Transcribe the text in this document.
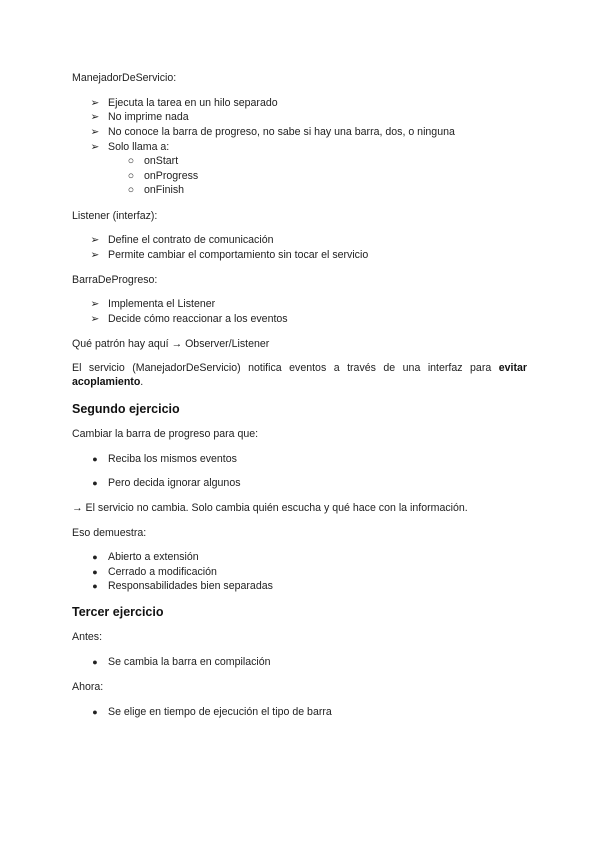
ManejadorDeServicio:
➢ Ejecuta la tarea en un hilo separado
➢ No imprime nada
➢ No conoce la barra de progreso, no sabe si hay una barra, dos, o ninguna
➢ Solo llama a:
○ onStart
○ onProgress
○ onFinish
Listener (interfaz):
➢ Define el contrato de comunicación
➢ Permite cambiar el comportamiento sin tocar el servicio
BarraDeProgreso:
➢ Implementa el Listener
➢ Decide cómo reaccionar a los eventos
Qué patrón hay aquí → Observer/Listener
El servicio (ManejadorDeServicio) notifica eventos a través de una interfaz para evitar acoplamiento.
Segundo ejercicio
Cambiar la barra de progreso para que:
● Reciba los mismos eventos
● Pero decida ignorar algunos
→ El servicio no cambia. Solo cambia quién escucha y qué hace con la información.
Eso demuestra:
● Abierto a extensión
● Cerrado a modificación
● Responsabilidades bien separadas
Tercer ejercicio
Antes:
● Se cambia la barra en compilación
Ahora:
● Se elige en tiempo de ejecución el tipo de barra
